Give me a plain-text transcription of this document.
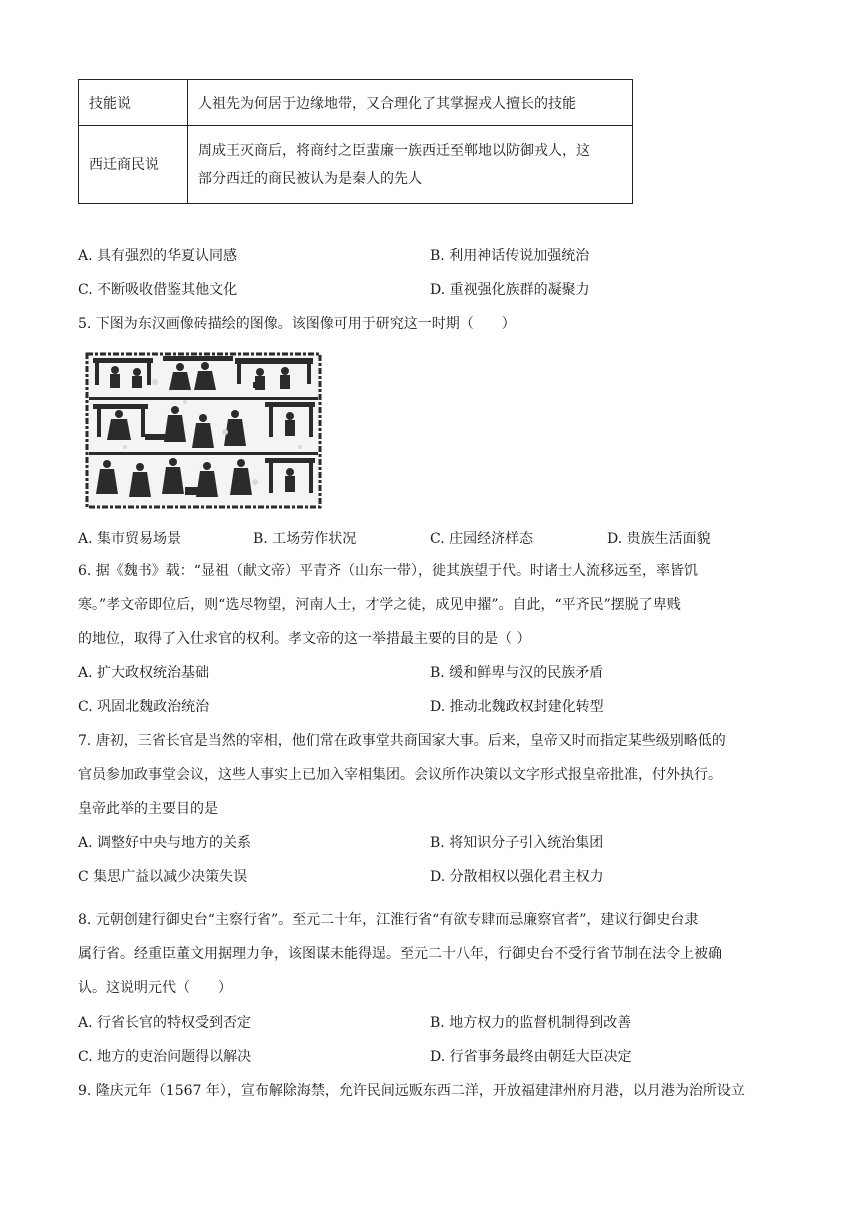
技能说	人祖先为何居于边缘地带，又合理化了其掌握戎人擅长的技能
西迁商民说	周成王灭商后，将商纣之臣蜚廉一族西迁至郸地以防御戎人，这
部分西迁的商民被认为是秦人的先人
A. 具有强烈的华夏认同感	B. 利用神话传说加强统治
C. 不断吸收借鉴其他文化	D. 重视强化族群的凝聚力
5. 下图为东汉画像砖描绘的图像。该图像可用于研究这一时期（　　）
A. 集市贸易场景	B. 工场劳作状况	C. 庄园经济样态	D. 贵族生活面貌
6. 据《魏书》载：“显祖（献文帝）平青齐（山东一带），徙其族望于代。时诸士人流移远至，率皆饥
寒。”孝文帝即位后，则“选尽物望，河南人士，才学之徒，成见申擢”。自此，“平齐民”摆脱了卑贱
的地位，取得了入仕求官的权利。孝文帝的这一举措最主要的目的是（ ）
A. 扩大政权统治基础	B. 缓和鲜卑与汉的民族矛盾
C. 巩固北魏政治统治	D. 推动北魏政权封建化转型
7. 唐初，三省长官是当然的宰相，他们常在政事堂共商国家大事。后来，皇帝又时而指定某些级别略低的
官员参加政事堂会议，这些人事实上已加入宰相集团。会议所作决策以文字形式报皇帝批准，付外执行。
皇帝此举的主要目的是
A. 调整好中央与地方的关系	B. 将知识分子引入统治集团
C 集思广益以减少决策失误	D. 分散相权以强化君主权力
8. 元朝创建行御史台“主察行省”。至元二十年，江淮行省“有欲专肆而忌廉察官者”，建议行御史台隶
属行省。经重臣董文用据理力争，该图谋未能得逞。至元二十八年，行御史台不受行省节制在法令上被确
认。这说明元代（　　）
A. 行省长官的特权受到否定	B. 地方权力的监督机制得到改善
C. 地方的吏治问题得以解决	D. 行省事务最终由朝廷大臣决定
9. 隆庆元年（1567 年），宣布解除海禁，允许民间远贩东西二洋，开放福建津州府月港，以月港为治所设立
